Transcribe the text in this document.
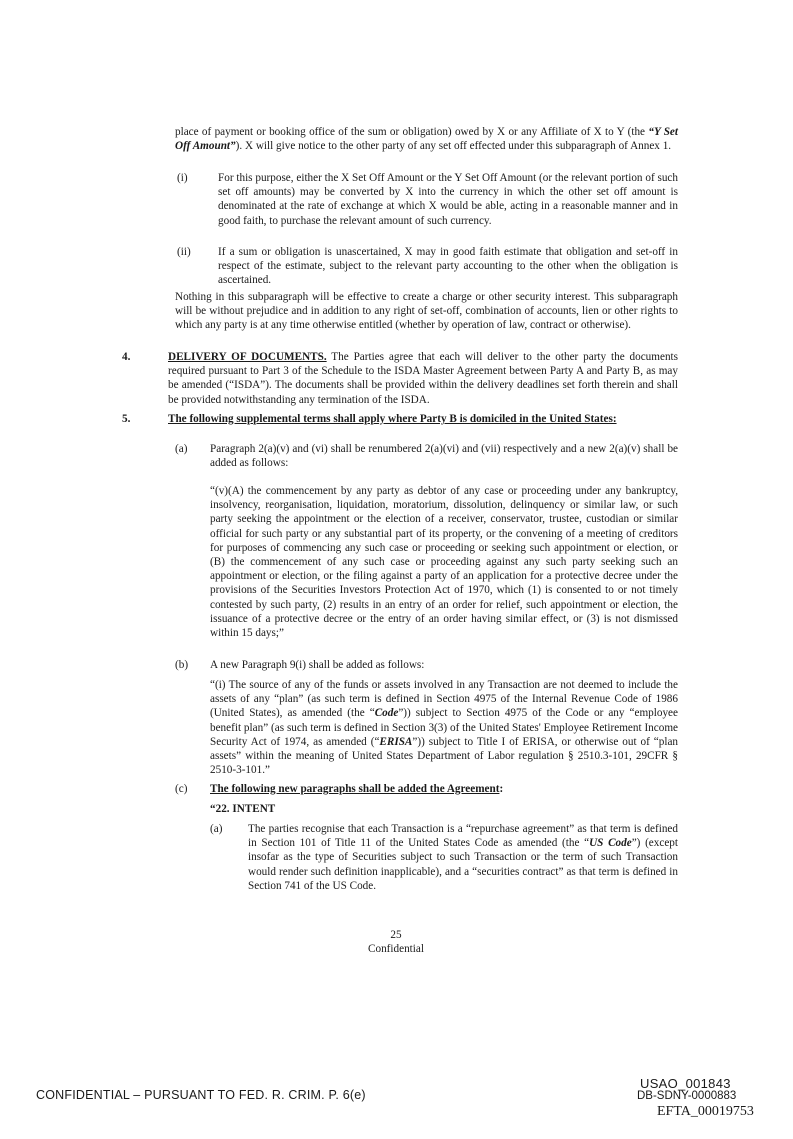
place of payment or booking office of the sum or obligation) owed by X or any Affiliate of X to Y (the “Y Set Off Amount”). X will give notice to the other party of any set off effected under this subparagraph of Annex 1.

(i)	For this purpose, either the X Set Off Amount or the Y Set Off Amount (or the relevant portion of such set off amounts) may be converted by X into the currency in which the other set off amount is denominated at the rate of exchange at which X would be able, acting in a reasonable manner and in good faith, to purchase the relevant amount of such currency.

(ii) If a sum or obligation is unascertained, X may in good faith estimate that obligation and set-off in respect of the estimate, subject to the relevant party accounting to the other when the obligation is ascertained.

Nothing in this subparagraph will be effective to create a charge or other security interest. This subparagraph will be without prejudice and in addition to any right of set-off, combination of accounts, lien or other rights to which any party is at any time otherwise entitled (whether by operation of law, contract or otherwise).

4.	DELIVERY OF DOCUMENTS. The Parties agree that each will deliver to the other party the documents required pursuant to Part 3 of the Schedule to the ISDA Master Agreement between Party A and Party B, as may be amended (“ISDA”). The documents shall be provided within the delivery deadlines set forth therein and shall be provided notwithstanding any termination of the ISDA.

5.	The following supplemental terms shall apply where Party B is domiciled in the United States:

(a) Paragraph 2(a)(v) and (vi) shall be renumbered 2(a)(vi) and (vii) respectively and a new 2(a)(v) shall be added as follows:

“(v)(A) the commencement by any party as debtor of any case or proceeding under any bankruptcy, insolvency, reorganisation, liquidation, moratorium, dissolution, delinquency or similar law, or such party seeking the appointment or the election of a receiver, conservator, trustee, custodian or similar official for such party or any substantial part of its property, or the convening of a meeting of creditors for purposes of commencing any such case or proceeding or seeking such appointment or election, or (B) the commencement of any such case or proceeding against any such party seeking such an appointment or election, or the filing against a party of an application for a protective decree under the provisions of the Securities Investors Protection Act of 1970, which (1) is consented to or not timely contested by such party, (2) results in an entry of an order for relief, such appointment or election, the issuance of a protective decree or the entry of an order having similar effect, or (3) is not dismissed within 15 days;”

(b) A new Paragraph 9(i) shall be added as follows:

“(i) The source of any of the funds or assets involved in any Transaction are not deemed to include the assets of any “plan” (as such term is defined in Section 4975 of the Internal Revenue Code of 1986 (United States), as amended (the “Code”)) subject to Section 4975 of the Code or any “employee benefit plan” (as such term is defined in Section 3(3) of the United States' Employee Retirement Income Security Act of 1974, as amended (“ERISA”)) subject to Title I of ERISA, or otherwise out of “plan assets” within the meaning of United States Department of Labor regulation § 2510.3-101, 29CFR § 2510-3-101.”

(c) The following new paragraphs shall be added the Agreement:

“22. INTENT

(a) The parties recognise that each Transaction is a “repurchase agreement” as that term is defined in Section 101 of Title 11 of the United States Code as amended (the “US Code”) (except insofar as the type of Securities subject to such Transaction or the term of such Transaction would render such definition inapplicable), and a “securities contract” as that term is defined in Section 741 of the US Code.

25

Confidential

CONFIDENTIAL – PURSUANT TO FED. R. CRIM. P. 6(e)

USAO_001843

DB-SDNY-0000883

EFTA_00019753
